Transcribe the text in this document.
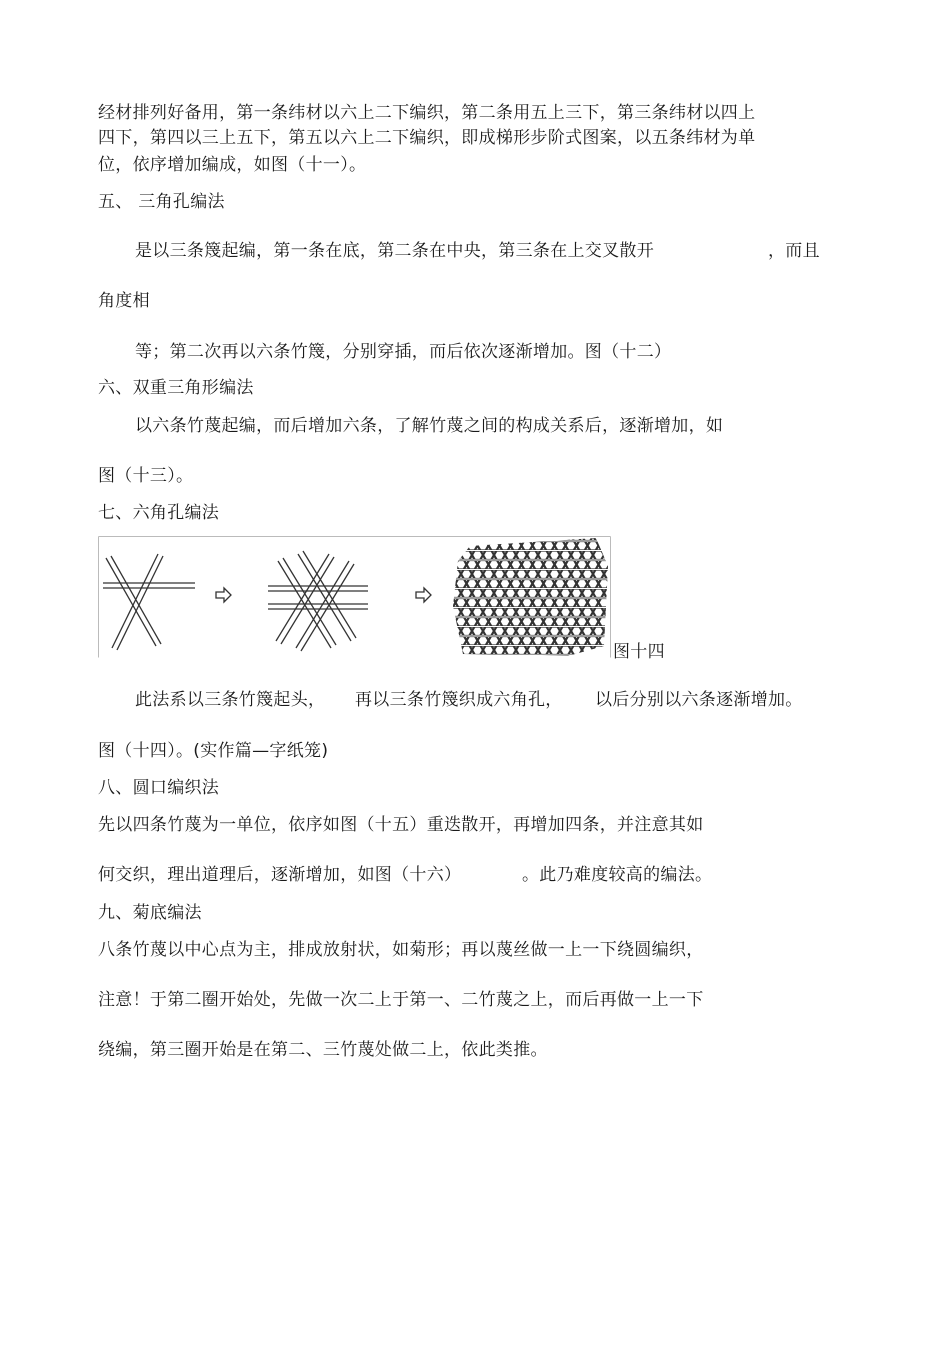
经材排列好备用，第一条纬材以六上二下编织，第二条用五上三下，第三条纬材以四上
四下，第四以三上五下，第五以六上二下编织，即成梯形步阶式图案，以五条纬材为单
位，依序增加编成，如图（十一）。
五、 三角孔编法
是以三条篾起编，第一条在底，第二条在中央，第三条在上交叉散开	，而且
角度相
等；第二次再以六条竹篾，分别穿插，而后依次逐渐增加。图（十二）
六、双重三角形编法
以六条竹蔑起编，而后增加六条，了解竹蔑之间的构成关系后，逐渐增加，如
图（十三）。
七、六角孔编法
图十四
此法系以三条竹篾起头， 再以三条竹篾织成六角孔， 以后分别以六条逐渐增加。
图（十四）。(实作篇—字纸笼)
八、圆口编织法
先以四条竹蔑为一单位，依序如图（十五）重迭散开，再增加四条，并注意其如
何交织，理出道理后，逐渐增加，如图（十六）	。此乃难度较高的编法。
九、菊底编法
八条竹蔑以中心点为主，排成放射状，如菊形；再以蔑丝做一上一下绕圆编织，
注意！于第二圈开始处，先做一次二上于第一、二竹蔑之上，而后再做一上一下
绕编，第三圈开始是在第二、三竹蔑处做二上，依此类推。
